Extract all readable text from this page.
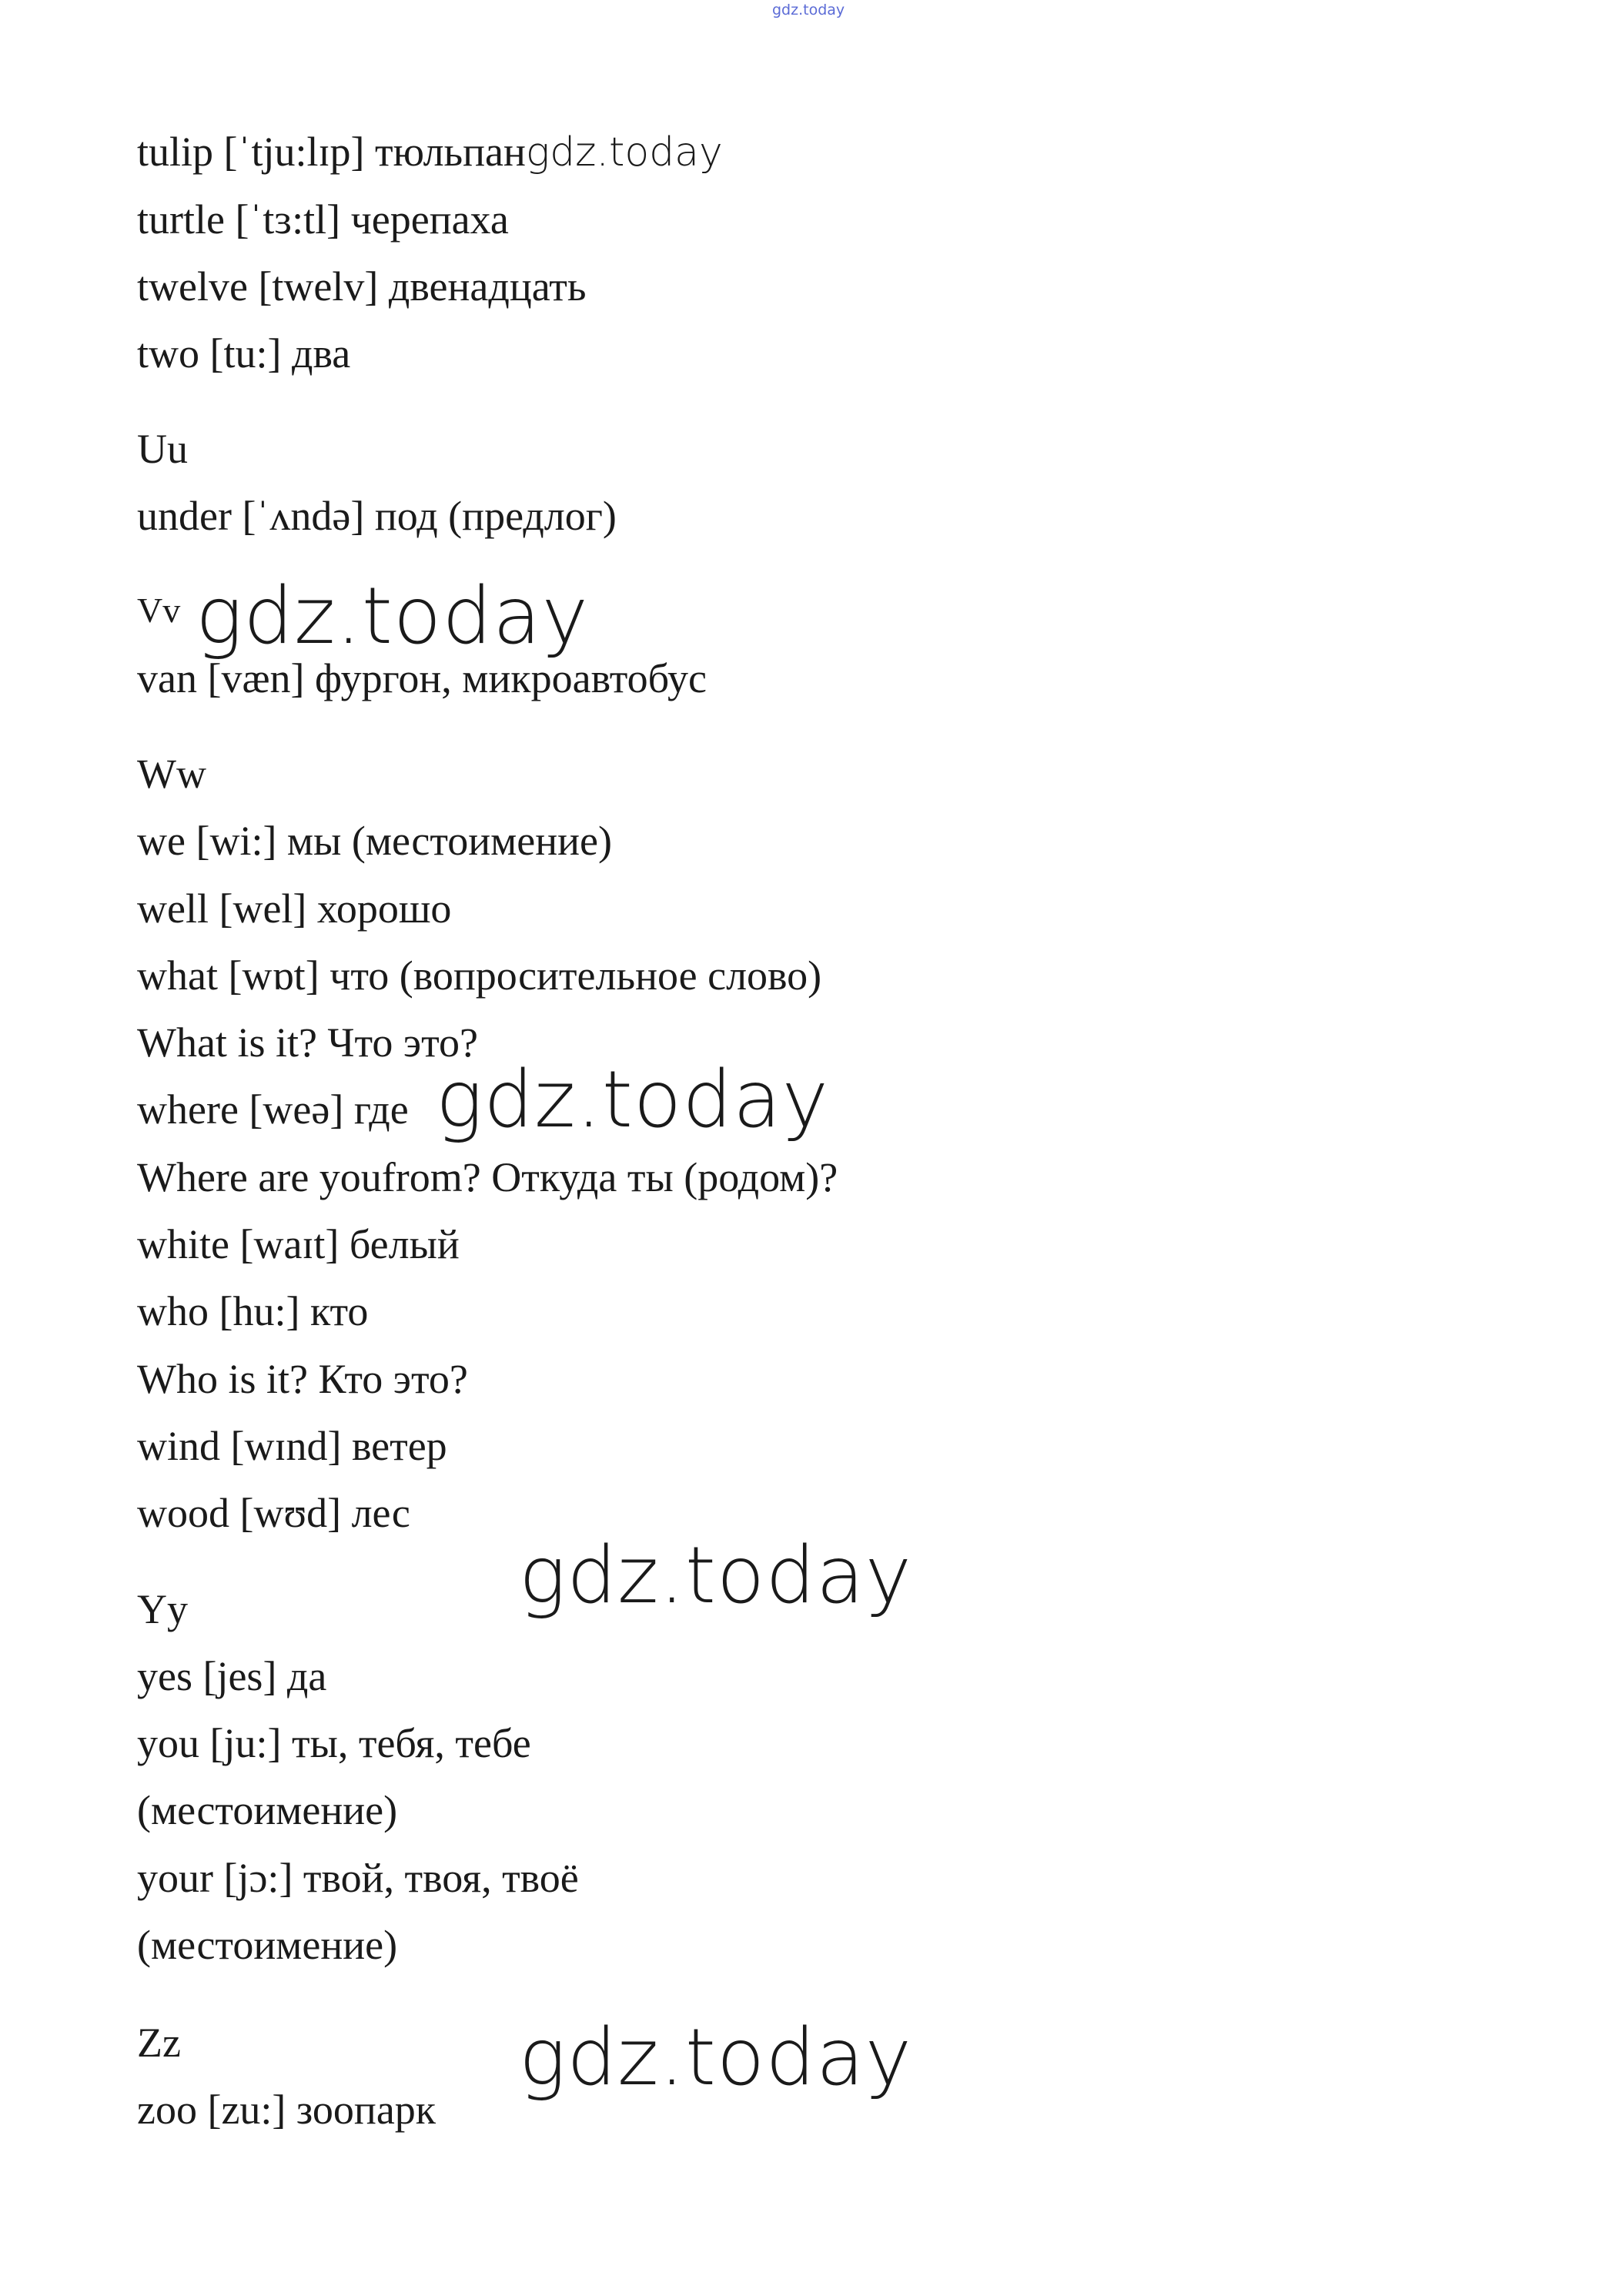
gdz.today
tulip [ˈtju:lɪp] тюльпанgdz.today
turtle [ˈtɜ:tl] черепаха
twelve [twelv] двенадцать
two [tu:] два
Uu
under [ˈʌndə] под (предлог)
Vv gdz.today
van [væn] фургон, микроавтобус
Ww
we [wi:] мы (местоимение)
well [wel] хорошо
what [wɒt] что (вопросительное слово)
What is it? Что это?
where [weə] где gdz.today
Where are youfrom? Откуда ты (родом)?
white [waɪt] белый
who [hu:] кто
Who is it? Кто это?
wind [wɪnd] ветер
wood [wʊd] лес
gdz.today
Yy
yes [jes] да
you [ju:] ты, тебя, тебе
(местоимение)
your [jɔ:] твой, твоя, твоё
(местоимение)
Zz	gdz.today
zoo [zu:] зоопарк
